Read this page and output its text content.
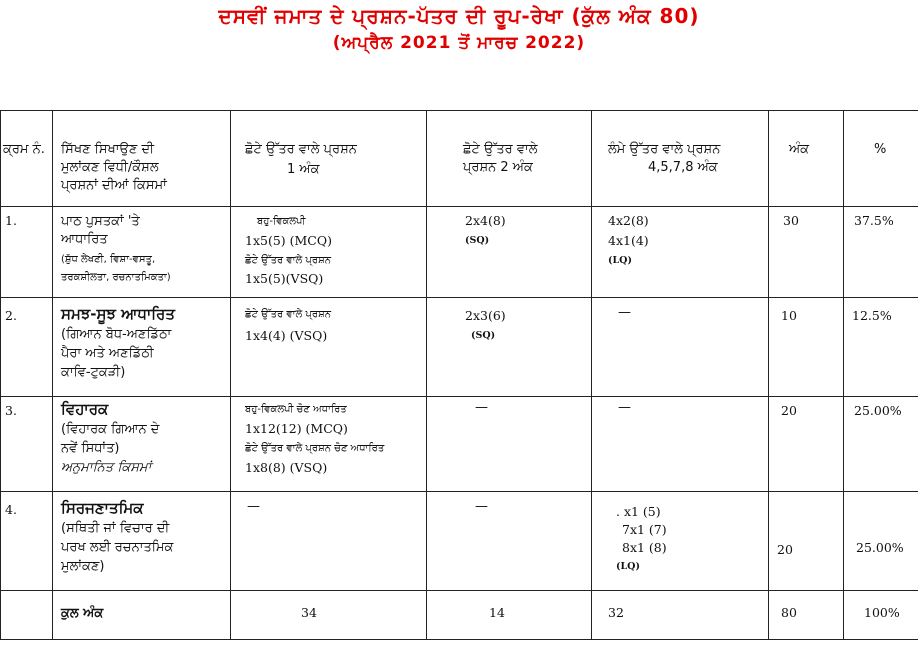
ਦਸਵੀਂ ਜਮਾਤ ਦੇ ਪ੍ਰਸ਼ਨ-ਪੱਤਰ ਦੀ ਰੂਪ-ਰੇਖਾ (ਕੁੱਲ ਅੰਕ 80)
(ਅਪ੍ਰੈਲ 2021 ਤੋਂ ਮਾਰਚ 2022)
ਕ੍ਰਮ ਨੰ.	ਸਿੱਖਣ ਸਿਖਾਉਣ ਦੀ
ਮੁਲਾਂਕਣ ਵਿਧੀ/ਕੌਸ਼ਲ
ਪ੍ਰਸ਼ਨਾਂ ਦੀਆਂ ਕਿਸਮਾਂ	ਛੋਟੇ ਉੱਤਰ ਵਾਲੇ ਪ੍ਰਸ਼ਨ
1 ਅੰਕ	ਛੋਟੇ ਉੱਤਰ ਵਾਲੇ
ਪ੍ਰਸ਼ਨ 2 ਅੰਕ	ਲੰਮੇ ਉੱਤਰ ਵਾਲੇ ਪ੍ਰਸ਼ਨ
4,5,7,8 ਅੰਕ	ਅੰਕ	%

1.	ਪਾਠ ਪੁਸਤਕਾਂ 'ਤੇ
ਆਧਾਰਿਤ
(ਸ਼ੁੱਧ ਲੇਖਣੀ, ਵਿਸ਼ਾ-ਵਸਤੂ,
ਤਰਕਸ਼ੀਲਤਾ, ਰਚਨਾਤਮਿਕਤਾ)	ਬਹੁ-ਵਿਕਲਪੀ
1x5(5) (MCQ)
ਛੋਟੇ ਉੱਤਰ ਵਾਲੇ ਪ੍ਰਸ਼ਨ
1x5(5)(VSQ)	2x4(8)
(SQ)	4x2(8)
4x1(4)
(LQ)	30	37.5%

2.	ਸਮਝ-ਸੂਝ ਆਧਾਰਿਤ
(ਗਿਆਨ ਬੋਧ-ਅਣਡਿੱਠਾ
ਪੈਰਾ ਅਤੇ ਅਣਡਿੱਠੀ
ਕਾਵਿ-ਟੁਕੜੀ)	ਛੋਟੇ ਉੱਤਰ ਵਾਲੇ ਪ੍ਰਸ਼ਨ
1x4(4) (VSQ)	2x3(6)
(SQ)	—	10	12.5%

3.	ਵਿਹਾਰਕ
(ਵਿਹਾਰਕ ਗਿਆਨ ਦੇ
ਨਵੇਂ ਸਿਧਾਂਤ)
ਅਨੁਮਾਨਿਤ ਕਿਸਮਾਂ	ਬਹੁ-ਵਿਕਲਪੀ ਚੋਣ ਅਧਾਰਿਤ
1x12(12) (MCQ)
ਛੋਟੇ ਉੱਤਰ ਵਾਲੇ ਪ੍ਰਸ਼ਨ ਚੋਣ ਅਧਾਰਿਤ
1x8(8) (VSQ)	—	—	20	25.00%

4.	ਸਿਰਜਣਾਤਮਿਕ
(ਸਥਿਤੀ ਜਾਂ ਵਿਚਾਰ ਦੀ
ਪਰਖ ਲਈ ਰਚਨਾਤਮਿਕ
ਮੁਲਾਂਕਣ)	—	—	. x1 (5)
7x1 (7)
8x1 (8)
(LQ)	20	25.00%

	ਕੁਲ ਅੰਕ	34	14	32	80	100%
